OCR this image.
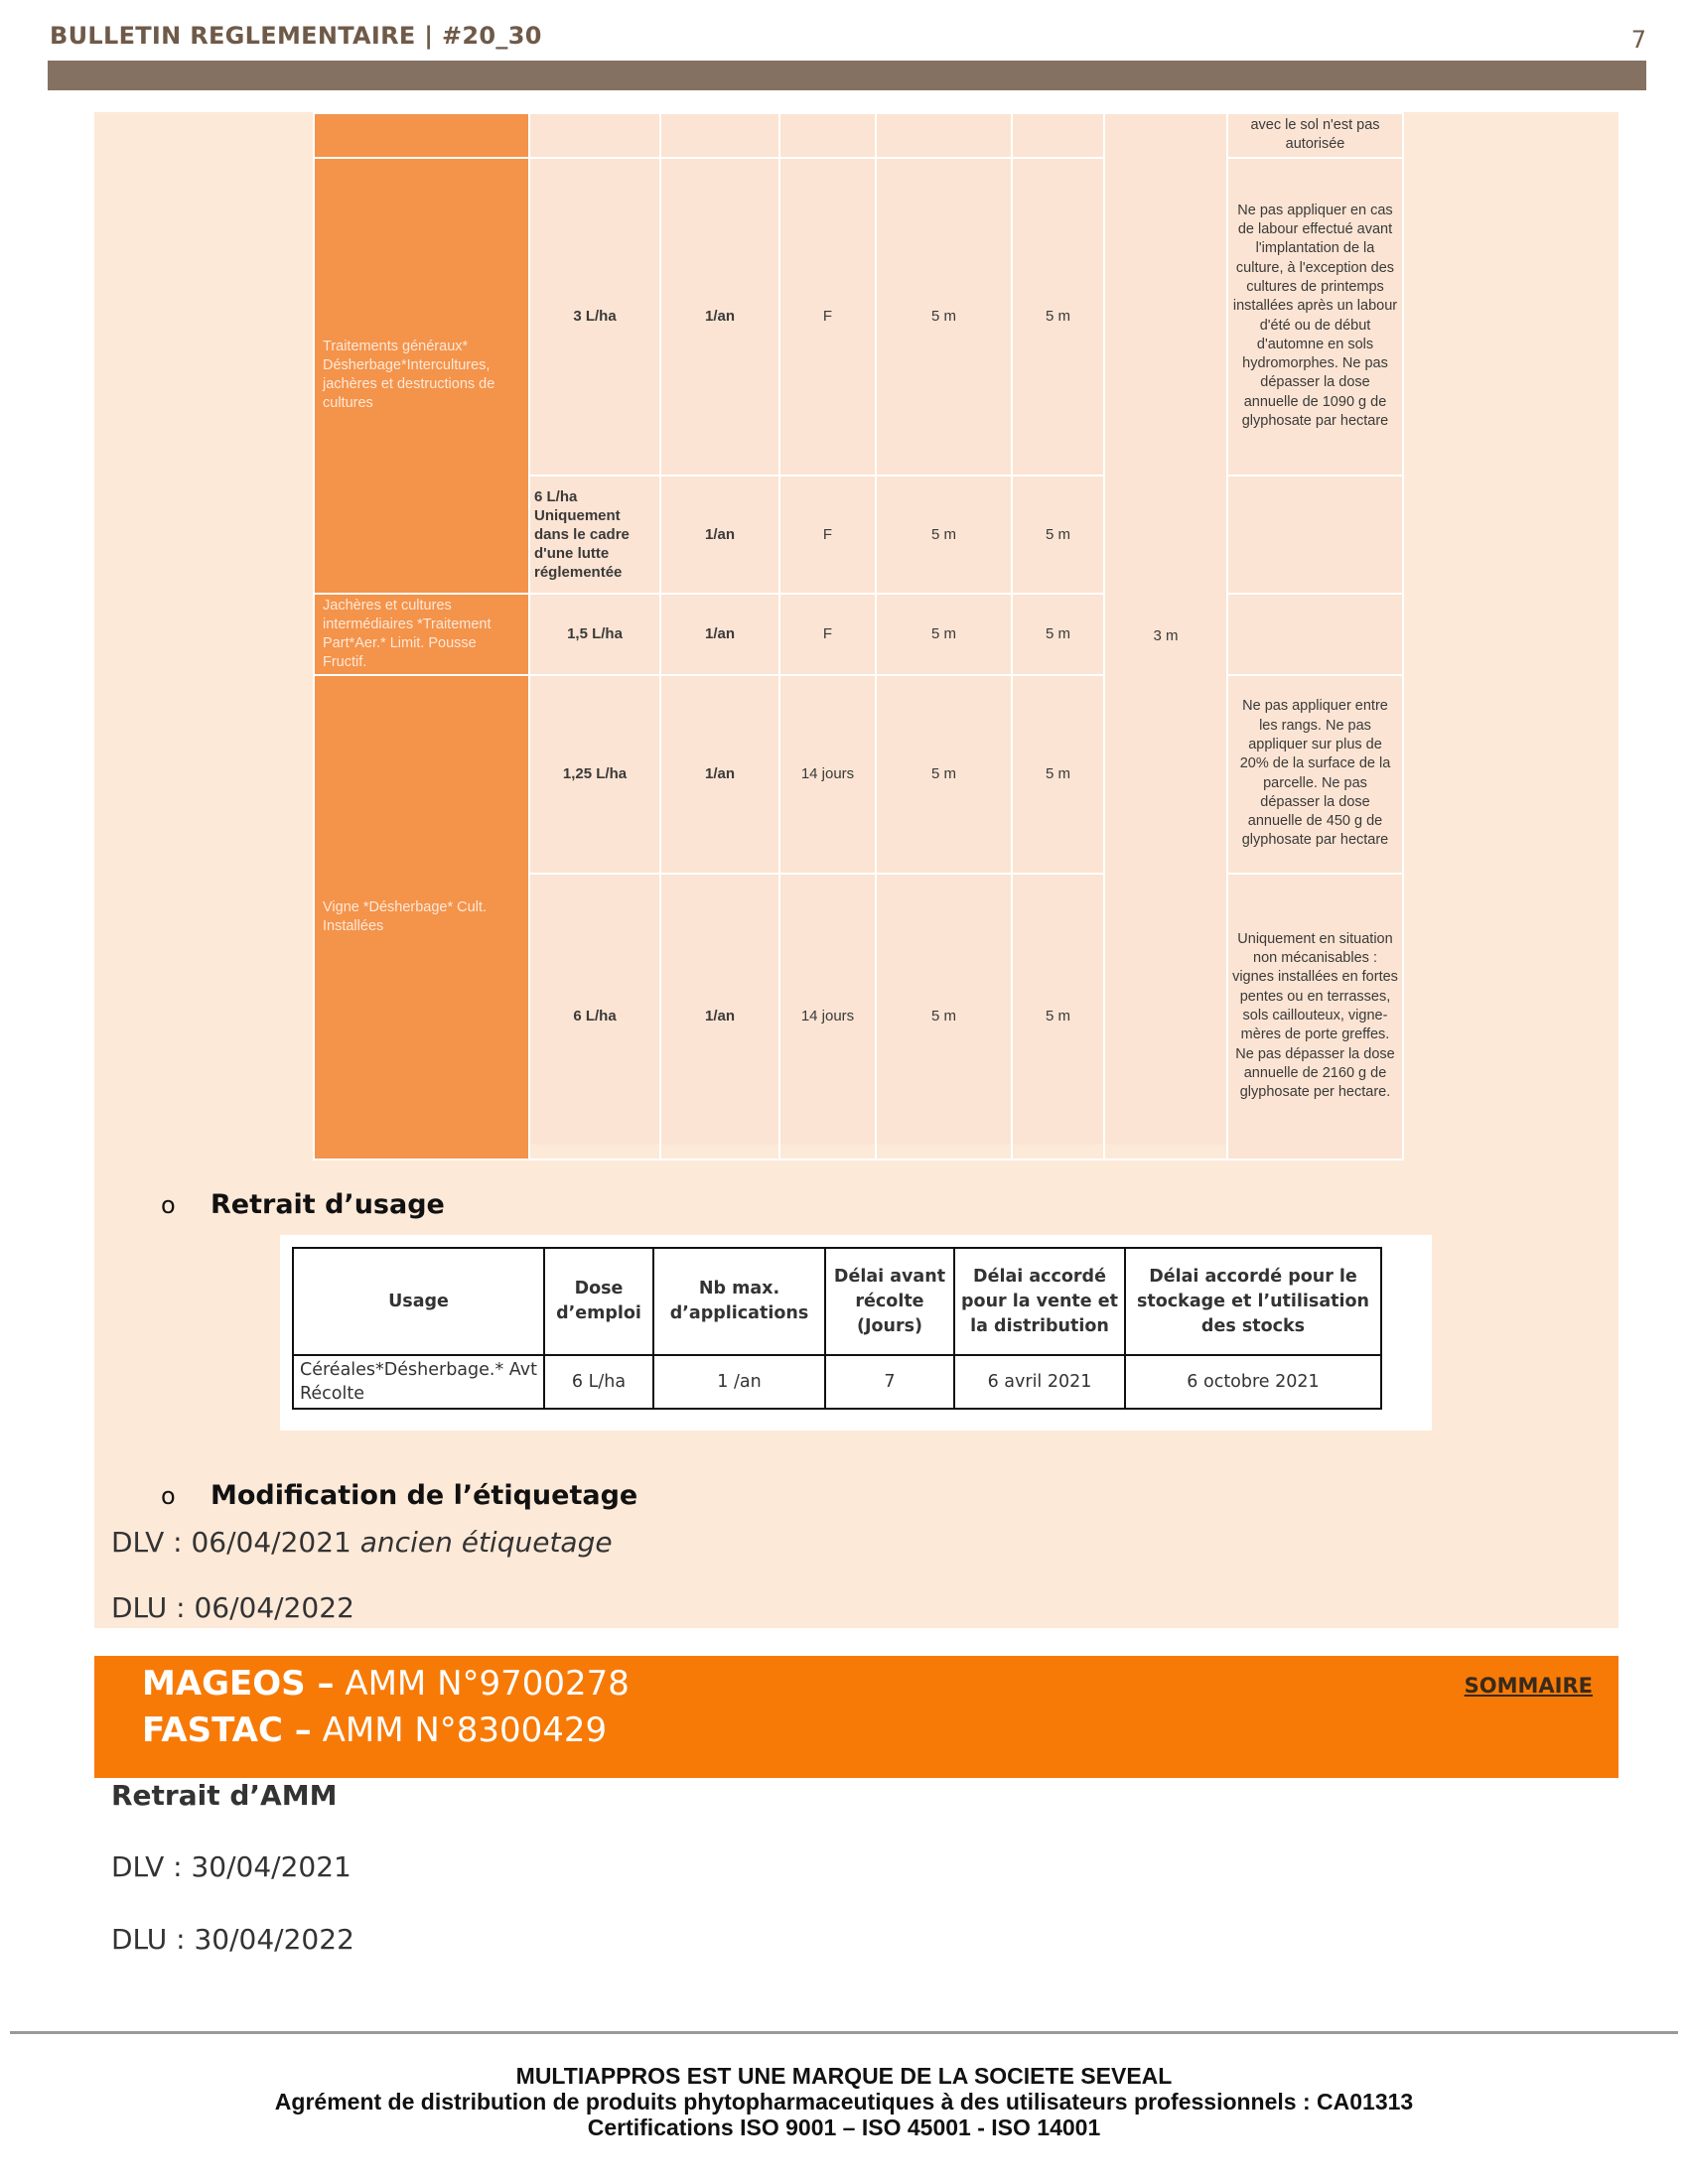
BULLETIN REGLEMENTAIRE | #20_30	7
						3 m	avec le sol n'est pas autorisée
Traitements généraux* Désherbage*Intercultures, jachères et destructions de cultures	3 L/ha	1/an	F	5 m	5 m		Ne pas appliquer en cas de labour effectué avant l'implantation de la culture, à l'exception des cultures de printemps installées après un labour d'été ou de début d'automne en sols hydromorphes. Ne pas dépasser la dose annuelle de 1090 g de glyphosate par hectare
	6 L/ha Uniquement dans le cadre d'une lutte réglementée	1/an	F	5 m	5 m		
Jachères et cultures intermédiaires *Traitement Part*Aer.* Limit. Pousse Fructif.	1,5 L/ha	1/an	F	5 m	5 m		
Vigne *Désherbage* Cult. Installées	1,25 L/ha	1/an	14 jours	5 m	5 m		Ne pas appliquer entre les rangs. Ne pas appliquer sur plus de 20% de la surface de la parcelle. Ne pas dépasser la dose annuelle de 450 g de glyphosate par hectare
	6 L/ha	1/an	14 jours	5 m	5 m		Uniquement en situation non mécanisables : vignes installées en fortes pentes ou en terrasses, sols caillouteux, vigne-mères de porte greffes. Ne pas dépasser la dose annuelle de 2160 g de glyphosate per hectare.
o Retrait d’usage
Usage	Dose d’emploi	Nb max. d’applications	Délai avant récolte (Jours)	Délai accordé pour la vente et la distribution	Délai accordé pour le stockage et l’utilisation des stocks
Céréales*Désherbage.* Avt Récolte	6 L/ha	1 /an	7	6 avril 2021	6 octobre 2021
o Modification de l’étiquetage
DLV : 06/04/2021 ancien étiquetage
DLU : 06/04/2022
MAGEOS – AMM N°9700278
FASTAC – AMM N°8300429
SOMMAIRE
Retrait d’AMM
DLV : 30/04/2021
DLU : 30/04/2022
MULTIAPPROS EST UNE MARQUE DE LA SOCIETE SEVEAL
Agrément de distribution de produits phytopharmaceutiques à des utilisateurs professionnels : CA01313
Certifications ISO 9001 – ISO 45001 - ISO 14001
